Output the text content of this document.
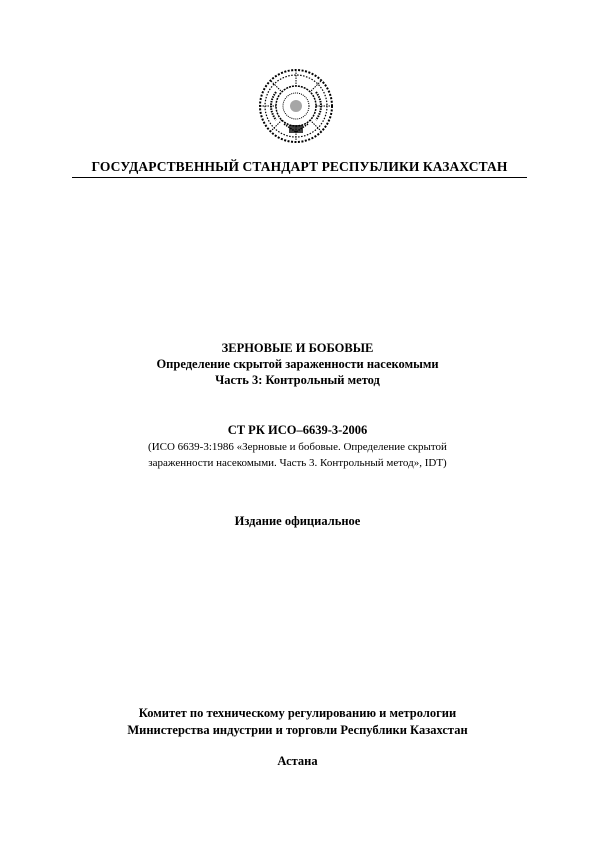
ГОСУДАРСТВЕННЫЙ СТАНДАРТ РЕСПУБЛИКИ КАЗАХСТАН
ЗЕРНОВЫЕ И БОБОВЫЕ
Определение скрытой зараженности насекомыми
Часть 3: Контрольный метод
СТ РК ИСО–6639-3-2006
(ИСО 6639-3:1986 «Зерновые и бобовые. Определение скрытой
зараженности насекомыми. Часть 3. Контрольный метод», IDT)
Издание официальное
Комитет по техническому регулированию и метрологии
Министерства индустрии и торговли Республики Казахстан
Астана
